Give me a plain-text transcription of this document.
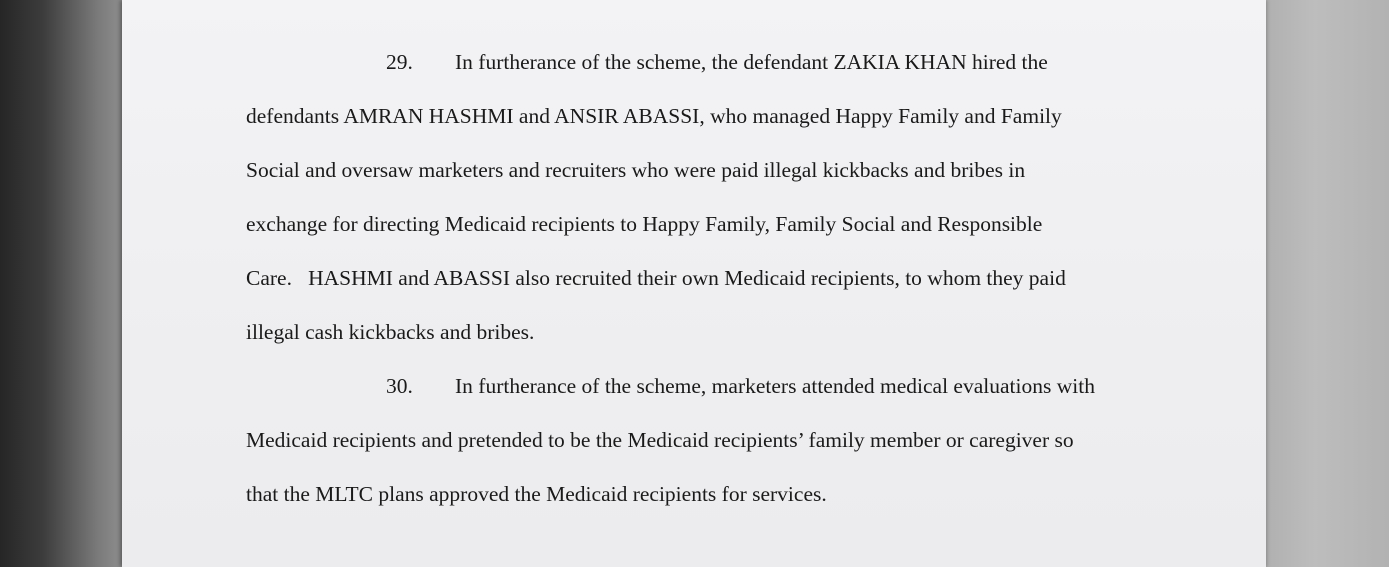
29. In furtherance of the scheme, the defendant ZAKIA KHAN hired the
defendants AMRAN HASHMI and ANSIR ABASSI, who managed Happy Family and Family
Social and oversaw marketers and recruiters who were paid illegal kickbacks and bribes in
exchange for directing Medicaid recipients to Happy Family, Family Social and Responsible
Care.   HASHMI and ABASSI also recruited their own Medicaid recipients, to whom they paid
illegal cash kickbacks and bribes.
30. In furtherance of the scheme, marketers attended medical evaluations with
Medicaid recipients and pretended to be the Medicaid recipients’ family member or caregiver so
that the MLTC plans approved the Medicaid recipients for services.
